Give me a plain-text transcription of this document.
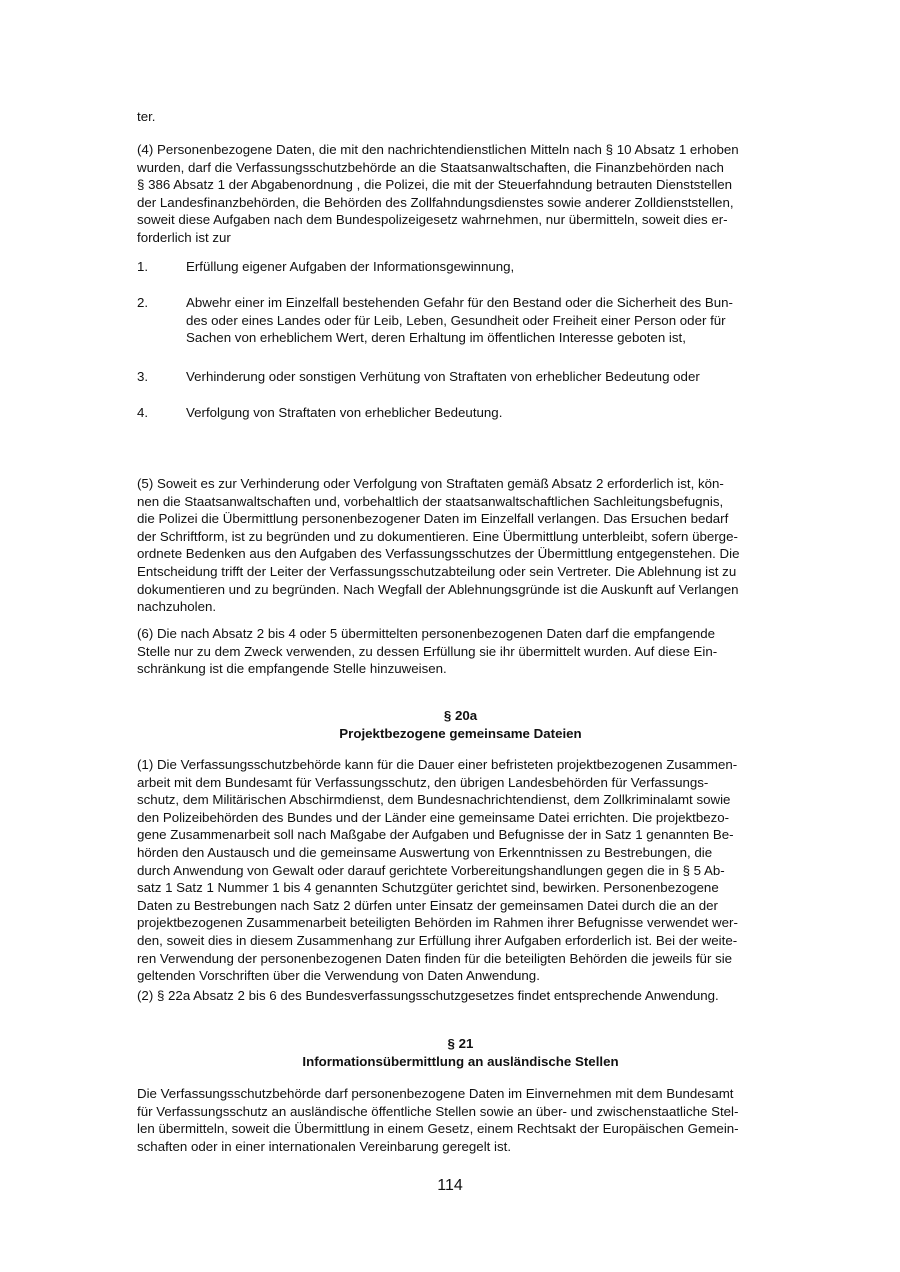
ter.
(4) Personenbezogene Daten, die mit den nachrichtendienstlichen Mitteln nach § 10 Absatz 1 erhoben
wurden, darf die Verfassungsschutzbehörde an die Staatsanwaltschaften, die Finanzbehörden nach
§ 386 Absatz 1 der Abgabenordnung , die Polizei, die mit der Steuerfahndung betrauten Dienststellen
der Landesfinanzbehörden, die Behörden des Zollfahndungsdienstes sowie anderer Zolldienststellen,
soweit diese Aufgaben nach dem Bundespolizeigesetz wahrnehmen, nur übermitteln, soweit dies er-
forderlich ist zur
1.	Erfüllung eigener Aufgaben der Informationsgewinnung,
2.	Abwehr einer im Einzelfall bestehenden Gefahr für den Bestand oder die Sicherheit des Bun-
des oder eines Landes oder für Leib, Leben, Gesundheit oder Freiheit einer Person oder für
Sachen von erheblichem Wert, deren Erhaltung im öffentlichen Interesse geboten ist,
3.	Verhinderung oder sonstigen Verhütung von Straftaten von erheblicher Bedeutung oder
4.	Verfolgung von Straftaten von erheblicher Bedeutung.
(5) Soweit es zur Verhinderung oder Verfolgung von Straftaten gemäß Absatz 2 erforderlich ist, kön-
nen die Staatsanwaltschaften und, vorbehaltlich der staatsanwaltschaftlichen Sachleitungsbefugnis,
die Polizei die Übermittlung personenbezogener Daten im Einzelfall verlangen. Das Ersuchen bedarf
der Schriftform, ist zu begründen und zu dokumentieren. Eine Übermittlung unterbleibt, sofern überge-
ordnete Bedenken aus den Aufgaben des Verfassungsschutzes der Übermittlung entgegenstehen. Die
Entscheidung trifft der Leiter der Verfassungsschutzabteilung oder sein Vertreter. Die Ablehnung ist zu
dokumentieren und zu begründen. Nach Wegfall der Ablehnungsgründe ist die Auskunft auf Verlangen
nachzuholen.
(6) Die nach Absatz 2 bis 4 oder 5 übermittelten personenbezogenen Daten darf die empfangende
Stelle nur zu dem Zweck verwenden, zu dessen Erfüllung sie ihr übermittelt wurden. Auf diese Ein-
schränkung ist die empfangende Stelle hinzuweisen.
§ 20a
Projektbezogene gemeinsame Dateien
(1) Die Verfassungsschutzbehörde kann für die Dauer einer befristeten projektbezogenen Zusammen-
arbeit mit dem Bundesamt für Verfassungsschutz, den übrigen Landesbehörden für Verfassungs-
schutz, dem Militärischen Abschirmdienst, dem Bundesnachrichtendienst, dem Zollkriminalamt sowie
den Polizeibehörden des Bundes und der Länder eine gemeinsame Datei errichten. Die projektbezo-
gene Zusammenarbeit soll nach Maßgabe der Aufgaben und Befugnisse der in Satz 1 genannten Be-
hörden den Austausch und die gemeinsame Auswertung von Erkenntnissen zu Bestrebungen, die
durch Anwendung von Gewalt oder darauf gerichtete Vorbereitungshandlungen gegen die in § 5 Ab-
satz 1 Satz 1 Nummer 1 bis 4 genannten Schutzgüter gerichtet sind, bewirken. Personenbezogene
Daten zu Bestrebungen nach Satz 2 dürfen unter Einsatz der gemeinsamen Datei durch die an der
projektbezogenen Zusammenarbeit beteiligten Behörden im Rahmen ihrer Befugnisse verwendet wer-
den, soweit dies in diesem Zusammenhang zur Erfüllung ihrer Aufgaben erforderlich ist. Bei der weite-
ren Verwendung der personenbezogenen Daten finden für die beteiligten Behörden die jeweils für sie
geltenden Vorschriften über die Verwendung von Daten Anwendung.
(2) § 22a Absatz 2 bis 6 des Bundesverfassungsschutzgesetzes findet entsprechende Anwendung.
§ 21
Informationsübermittlung an ausländische Stellen
Die Verfassungsschutzbehörde darf personenbezogene Daten im Einvernehmen mit dem Bundesamt
für Verfassungsschutz an ausländische öffentliche Stellen sowie an über- und zwischenstaatliche Stel-
len übermitteln, soweit die Übermittlung in einem Gesetz, einem Rechtsakt der Europäischen Gemein-
schaften oder in einer internationalen Vereinbarung geregelt ist.
114
